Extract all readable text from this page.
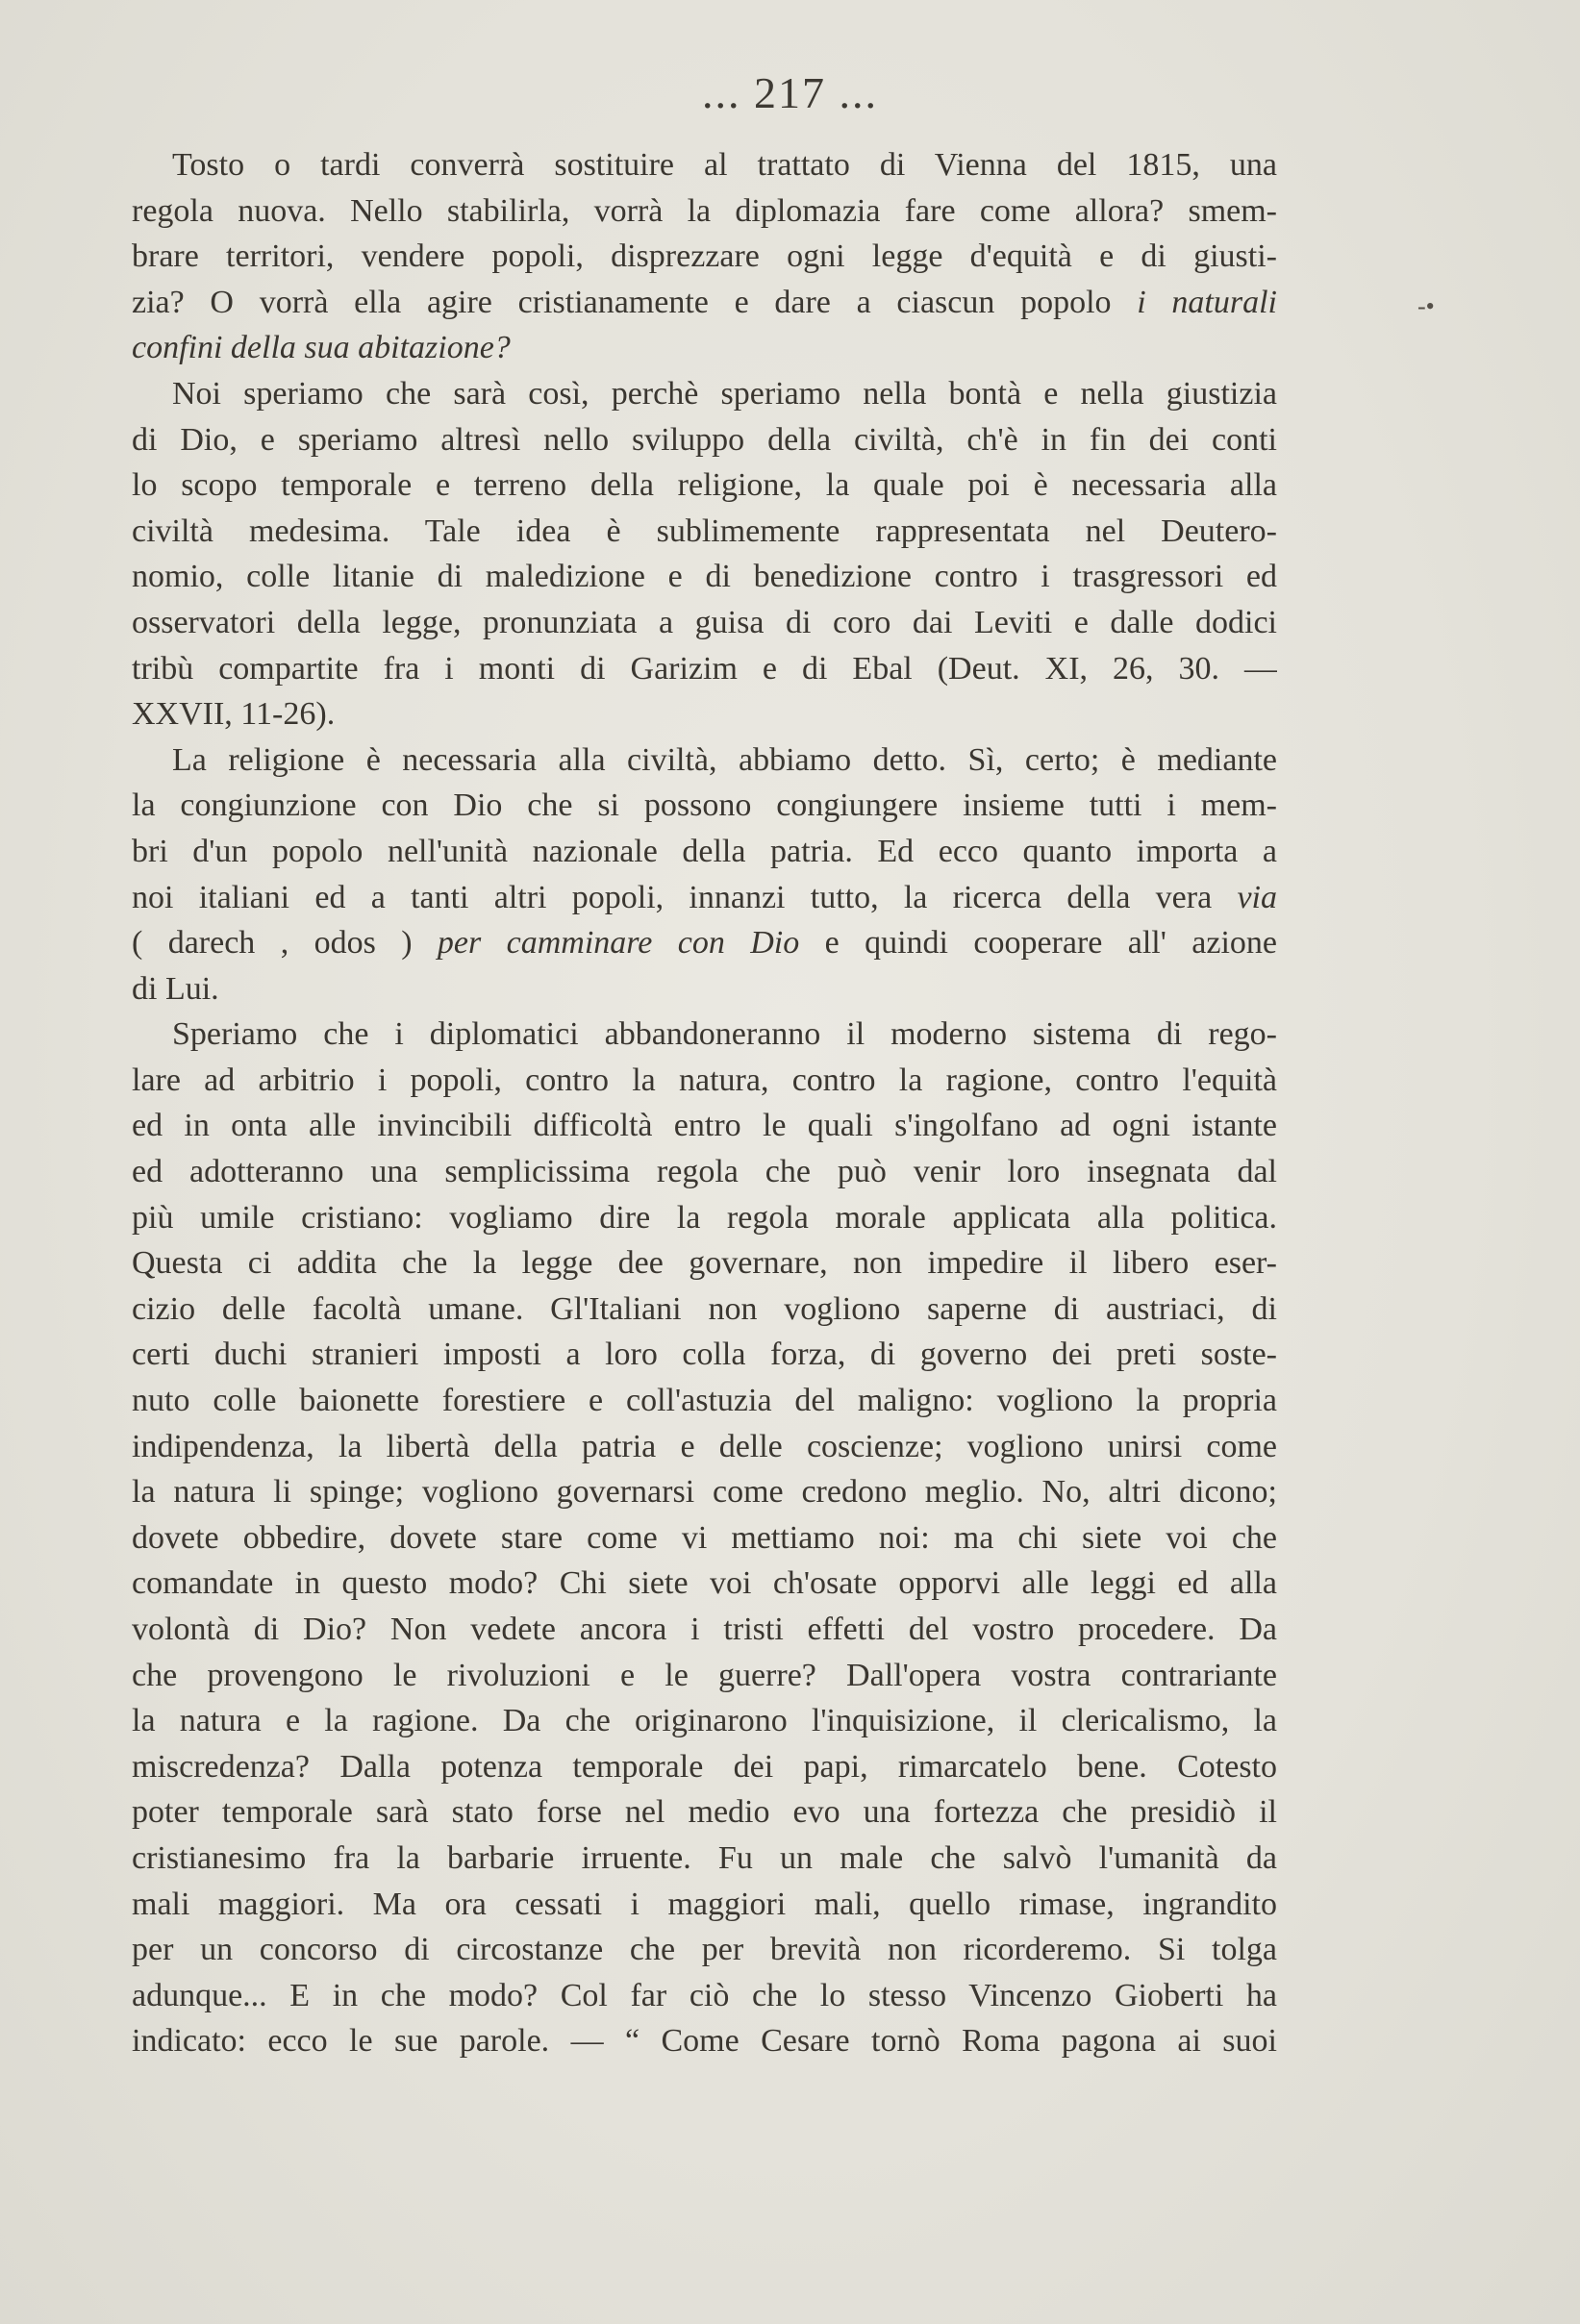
... 217 ...
-•
Tosto o tardi converrà sostituire al trattato di Vienna del 1815, una
regola nuova. Nello stabilirla, vorrà la diplomazia fare come allora? smem-
brare territori, vendere popoli, disprezzare ogni legge d'equità e di giusti-
zia? O vorrà ella agire cristianamente e dare a ciascun popolo i naturali
confini della sua abitazione?
Noi speriamo che sarà così, perchè speriamo nella bontà e nella giustizia
di Dio, e speriamo altresì nello sviluppo della civiltà, ch'è in fin dei conti
lo scopo temporale e terreno della religione, la quale poi è necessaria alla
civiltà medesima. Tale idea è sublimemente rappresentata nel Deutero-
nomio, colle litanie di maledizione e di benedizione contro i trasgressori ed
osservatori della legge, pronunziata a guisa di coro dai Leviti e dalle dodici
tribù compartite fra i monti di Garizim e di Ebal (Deut. XI, 26, 30. —
XXVII, 11-26).
La religione è necessaria alla civiltà, abbiamo detto. Sì, certo; è mediante
la congiunzione con Dio che si possono congiungere insieme tutti i mem-
bri d'un popolo nell'unità nazionale della patria. Ed ecco quanto importa a
noi italiani ed a tanti altri popoli, innanzi tutto, la ricerca della vera via
( darech , odos ) per camminare con Dio e quindi cooperare all' azione
di Lui.
Speriamo che i diplomatici abbandoneranno il moderno sistema di rego-
lare ad arbitrio i popoli, contro la natura, contro la ragione, contro l'equità
ed in onta alle invincibili difficoltà entro le quali s'ingolfano ad ogni istante
ed adotteranno una semplicissima regola che può venir loro insegnata dal
più umile cristiano: vogliamo dire la regola morale applicata alla politica.
Questa ci addita che la legge dee governare, non impedire il libero eser-
cizio delle facoltà umane. Gl'Italiani non vogliono saperne di austriaci, di
certi duchi stranieri imposti a loro colla forza, di governo dei preti soste-
nuto colle baionette forestiere e coll'astuzia del maligno: vogliono la propria
indipendenza, la libertà della patria e delle coscienze; vogliono unirsi come
la natura li spinge; vogliono governarsi come credono meglio. No, altri dicono;
dovete obbedire, dovete stare come vi mettiamo noi: ma chi siete voi che
comandate in questo modo? Chi siete voi ch'osate opporvi alle leggi ed alla
volontà di Dio? Non vedete ancora i tristi effetti del vostro procedere. Da
che provengono le rivoluzioni e le guerre? Dall'opera vostra contrariante
la natura e la ragione. Da che originarono l'inquisizione, il clericalismo, la
miscredenza? Dalla potenza temporale dei papi, rimarcatelo bene. Cotesto
poter temporale sarà stato forse nel medio evo una fortezza che presidiò il
cristianesimo fra la barbarie irruente. Fu un male che salvò l'umanità da
mali maggiori. Ma ora cessati i maggiori mali, quello rimase, ingrandito
per un concorso di circostanze che per brevità non ricorderemo. Si tolga
adunque... E in che modo? Col far ciò che lo stesso Vincenzo Gioberti ha
indicato: ecco le sue parole. — “ Come Cesare tornò Roma pagona ai suoi
